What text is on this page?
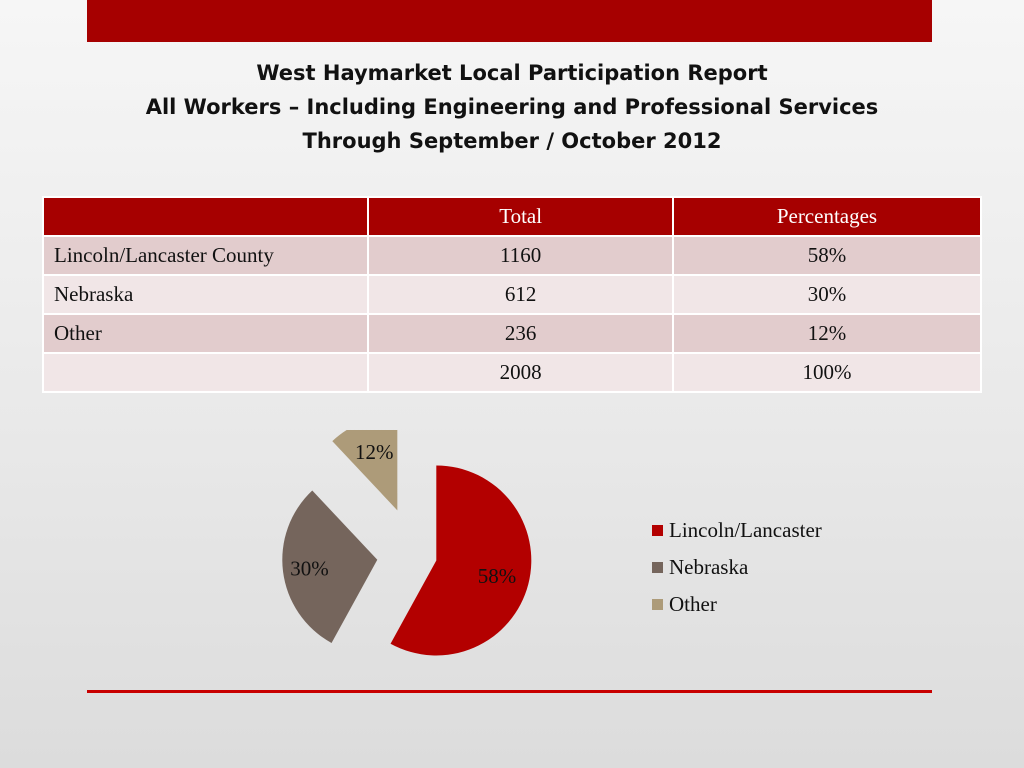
West Haymarket Local Participation Report
All Workers – Including Engineering and Professional Services
Through September / October 2012
	Total	Percentages
Lincoln/Lancaster County	1160	58%
Nebraska	612	30%
Other	236	12%
	2008	100%
58%
30%
12%
Lincoln/Lancaster
Nebraska
Other
